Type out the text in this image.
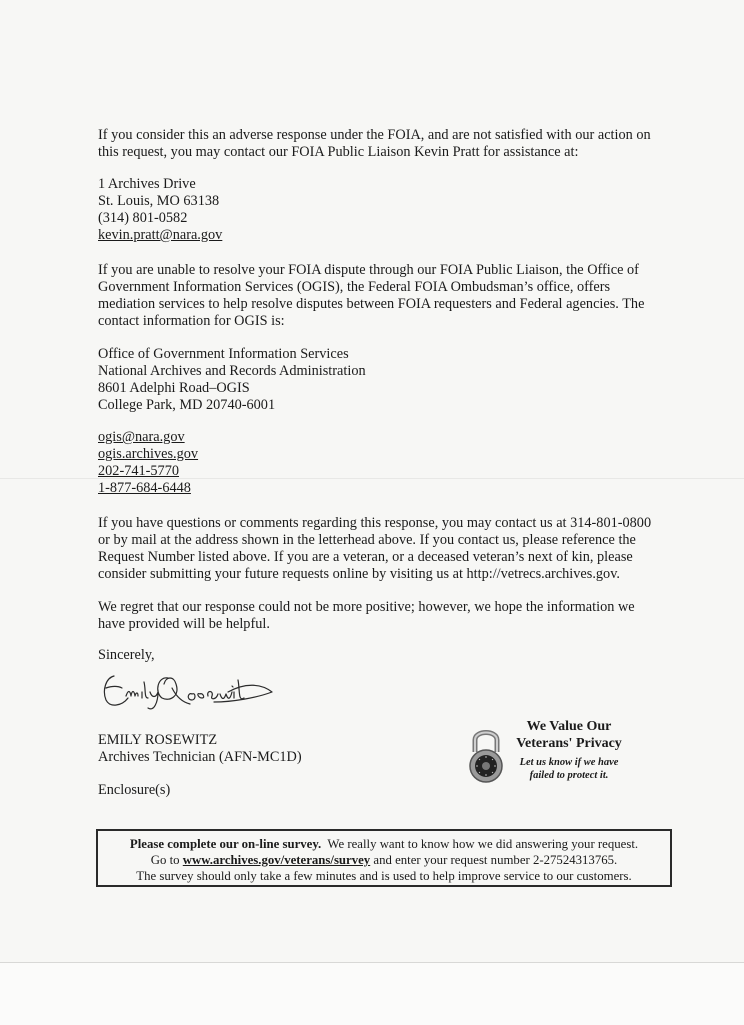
If you consider this an adverse response under the FOIA, and are not satisfied with our action on
this request, you may contact our FOIA Public Liaison Kevin Pratt for assistance at:
1 Archives Drive
St. Louis, MO 63138
(314) 801-0582
kevin.pratt@nara.gov
If you are unable to resolve your FOIA dispute through our FOIA Public Liaison, the Office of
Government Information Services (OGIS), the Federal FOIA Ombudsman’s office, offers
mediation services to help resolve disputes between FOIA requesters and Federal agencies. The
contact information for OGIS is:
Office of Government Information Services
National Archives and Records Administration
8601 Adelphi Road–OGIS
College Park, MD 20740-6001
ogis@nara.gov
ogis.archives.gov
202-741-5770
1-877-684-6448
If you have questions or comments regarding this response, you may contact us at 314-801-0800
or by mail at the address shown in the letterhead above. If you contact us, please reference the
Request Number listed above. If you are a veteran, or a deceased veteran’s next of kin, please
consider submitting your future requests online by visiting us at http://vetrecs.archives.gov.
We regret that our response could not be more positive; however, we hope the information we
have provided will be helpful.
Sincerely,
EMILY ROSEWITZ
Archives Technician (AFN-MC1D)
Enclosure(s)
We Value Our
Veterans' Privacy
Let us know if we have
failed to protect it.
Please complete our on-line survey.  We really want to know how we did answering your request.
Go to www.archives.gov/veterans/survey and enter your request number 2-27524313765.
The survey should only take a few minutes and is used to help improve service to our customers.
